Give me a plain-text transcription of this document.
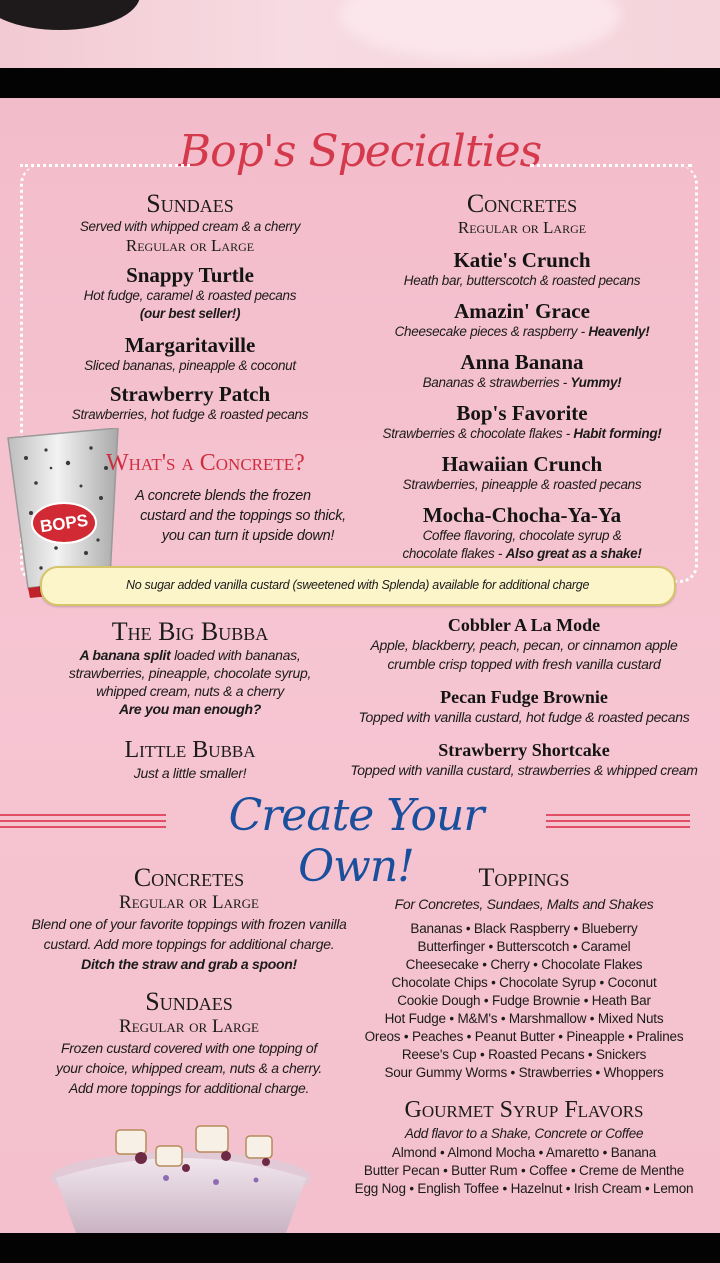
Bop's Specialties
Sundaes
Served with whipped cream & a cherry
Regular or Large
Snappy Turtle
Hot fudge, caramel & roasted pecans
(our best seller!)
Margaritaville
Sliced bananas, pineapple & coconut
Strawberry Patch
Strawberries, hot fudge & roasted pecans
Concretes
Regular or Large
Katie's Crunch
Heath bar, butterscotch & roasted pecans
Amazin' Grace
Cheesecake pieces & raspberry - Heavenly!
Anna Banana
Bananas & strawberries - Yummy!
Bop's Favorite
Strawberries & chocolate flakes - Habit forming!
Hawaiian Crunch
Strawberries, pineapple & roasted pecans
Mocha-Chocha-Ya-Ya
Coffee flavoring, chocolate syrup &
chocolate flakes - Also great as a shake!
BOPS
What's a Concrete?
A concrete blends the frozen
custard and the toppings so thick,
you can turn it upside down!
No sugar added vanilla custard (sweetened with Splenda) available for additional charge
The Big Bubba
A banana split loaded with bananas,
strawberries, pineapple, chocolate syrup,
whipped cream, nuts & a cherry
Are you man enough?
Little Bubba
Just a little smaller!
Cobbler A La Mode
Apple, blackberry, peach, pecan, or cinnamon apple
crumble crisp topped with fresh vanilla custard
Pecan Fudge Brownie
Topped with vanilla custard, hot fudge & roasted pecans
Strawberry Shortcake
Topped with vanilla custard, strawberries & whipped cream
Create Your Own!
Concretes
Regular or Large
Blend one of your favorite toppings with frozen vanilla
custard. Add more toppings for additional charge.
Ditch the straw and grab a spoon!
Sundaes
Regular or Large
Frozen custard covered with one topping of
your choice, whipped cream, nuts & a cherry.
Add more toppings for additional charge.
Toppings
For Concretes, Sundaes, Malts and Shakes
Bananas • Black Raspberry • Blueberry
Butterfinger • Butterscotch • Caramel
Cheesecake • Cherry • Chocolate Flakes
Chocolate Chips • Chocolate Syrup • Coconut
Cookie Dough • Fudge Brownie • Heath Bar
Hot Fudge • M&M's • Marshmallow • Mixed Nuts
Oreos • Peaches • Peanut Butter • Pineapple • Pralines
Reese's Cup • Roasted Pecans • Snickers
Sour Gummy Worms • Strawberries • Whoppers
Gourmet Syrup Flavors
Add flavor to a Shake, Concrete or Coffee
Almond • Almond Mocha • Amaretto • Banana
Butter Pecan • Butter Rum • Coffee • Creme de Menthe
Egg Nog • English Toffee • Hazelnut • Irish Cream • Lemon
